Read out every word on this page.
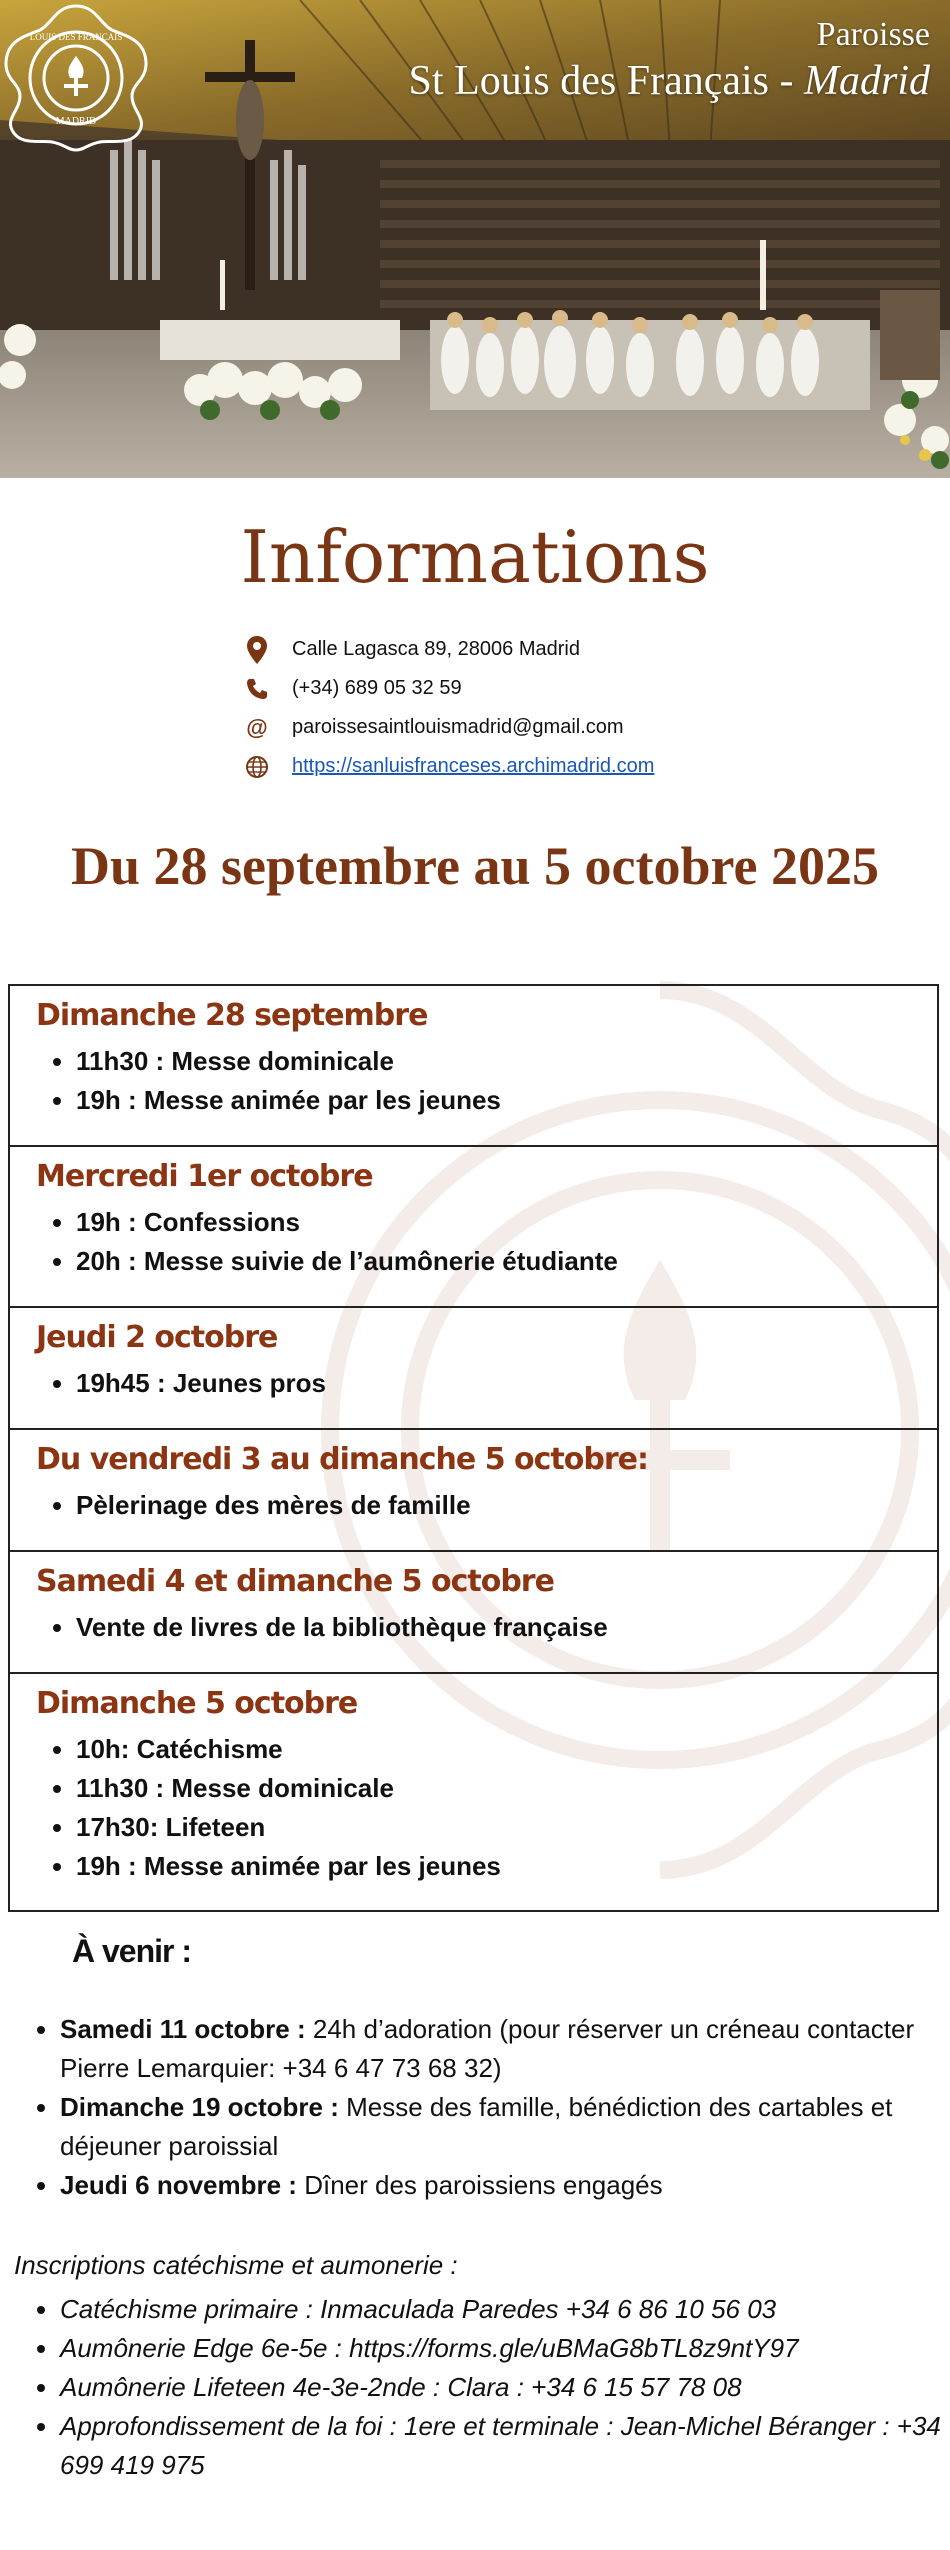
LOUIS DES FRANÇAIS
MADRID
Paroisse
St Louis des Français - Madrid
Informations
Calle Lagasca 89, 28006 Madrid
(+34) 689 05 32 59
@	paroissesaintlouismadrid@gmail.com
https://sanluisfranceses.archimadrid.com
Du 28 septembre au 5 octobre 2025
Dimanche 28 septembre
• 11h30 : Messe dominicale
• 19h : Messe animée par les jeunes
Mercredi 1er octobre
• 19h : Confessions
• 20h : Messe suivie de l’aumônerie étudiante
Jeudi 2 octobre
• 19h45 : Jeunes pros
Du vendredi 3 au dimanche 5 octobre:
• Pèlerinage des mères de famille
Samedi 4 et dimanche 5 octobre
• Vente de livres de la bibliothèque française
Dimanche 5 octobre
• 10h: Catéchisme
• 11h30 : Messe dominicale
• 17h30: Lifeteen
• 19h : Messe animée par les jeunes
À venir :
• Samedi 11 octobre : 24h d’adoration (pour réserver un créneau contacter Pierre Lemarquier: +34 6 47 73 68 32)
• Dimanche 19 octobre : Messe des famille, bénédiction des cartables et déjeuner paroissial
• Jeudi 6 novembre : Dîner des paroissiens engagés
Inscriptions catéchisme et aumonerie :
• Catéchisme primaire : Inmaculada Paredes +34 6 86 10 56 03
• Aumônerie Edge 6e-5e : https://forms.gle/uBMaG8bTL8z9ntY97
• Aumônerie Lifeteen 4e-3e-2nde : Clara : +34 6 15 57 78 08
• Approfondissement de la foi : 1ere et terminale : Jean-Michel Béranger : +34 699 419 975
